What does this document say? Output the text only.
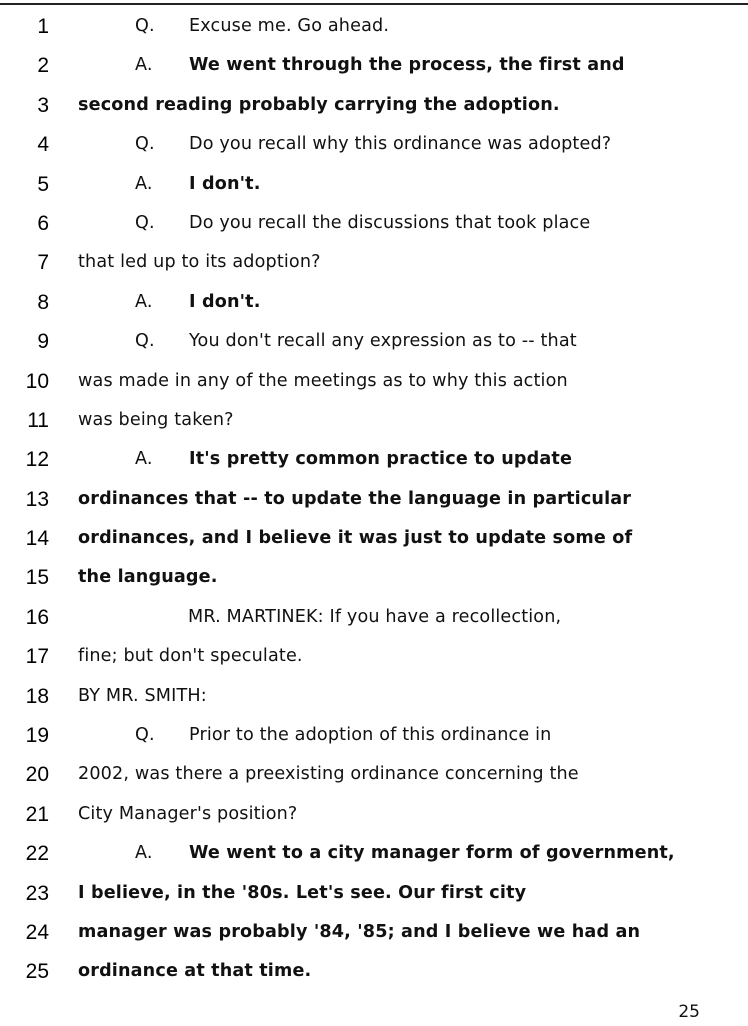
1	Q. Excuse me. Go ahead.
2	A. We went through the process, the first and
3 second reading probably carrying the adoption.
4	Q. Do you recall why this ordinance was adopted?
5	A. I don't.
6	Q. Do you recall the discussions that took place
7 that led up to its adoption?
8	A. I don't.
9	Q. You don't recall any expression as to -- that
10 was made in any of the meetings as to why this action
11 was being taken?
12	A. It's pretty common practice to update
13 ordinances that -- to update the language in particular
14 ordinances, and I believe it was just to update some of
15 the language.
16	MR. MARTINEK: If you have a recollection,
17 fine; but don't speculate.
18 BY MR. SMITH:
19	Q. Prior to the adoption of this ordinance in
20 2002, was there a preexisting ordinance concerning the
21 City Manager's position?
22	A. We went to a city manager form of government,
23 I believe, in the '80s. Let's see. Our first city
24 manager was probably '84, '85; and I believe we had an
25 ordinance at that time.
25
